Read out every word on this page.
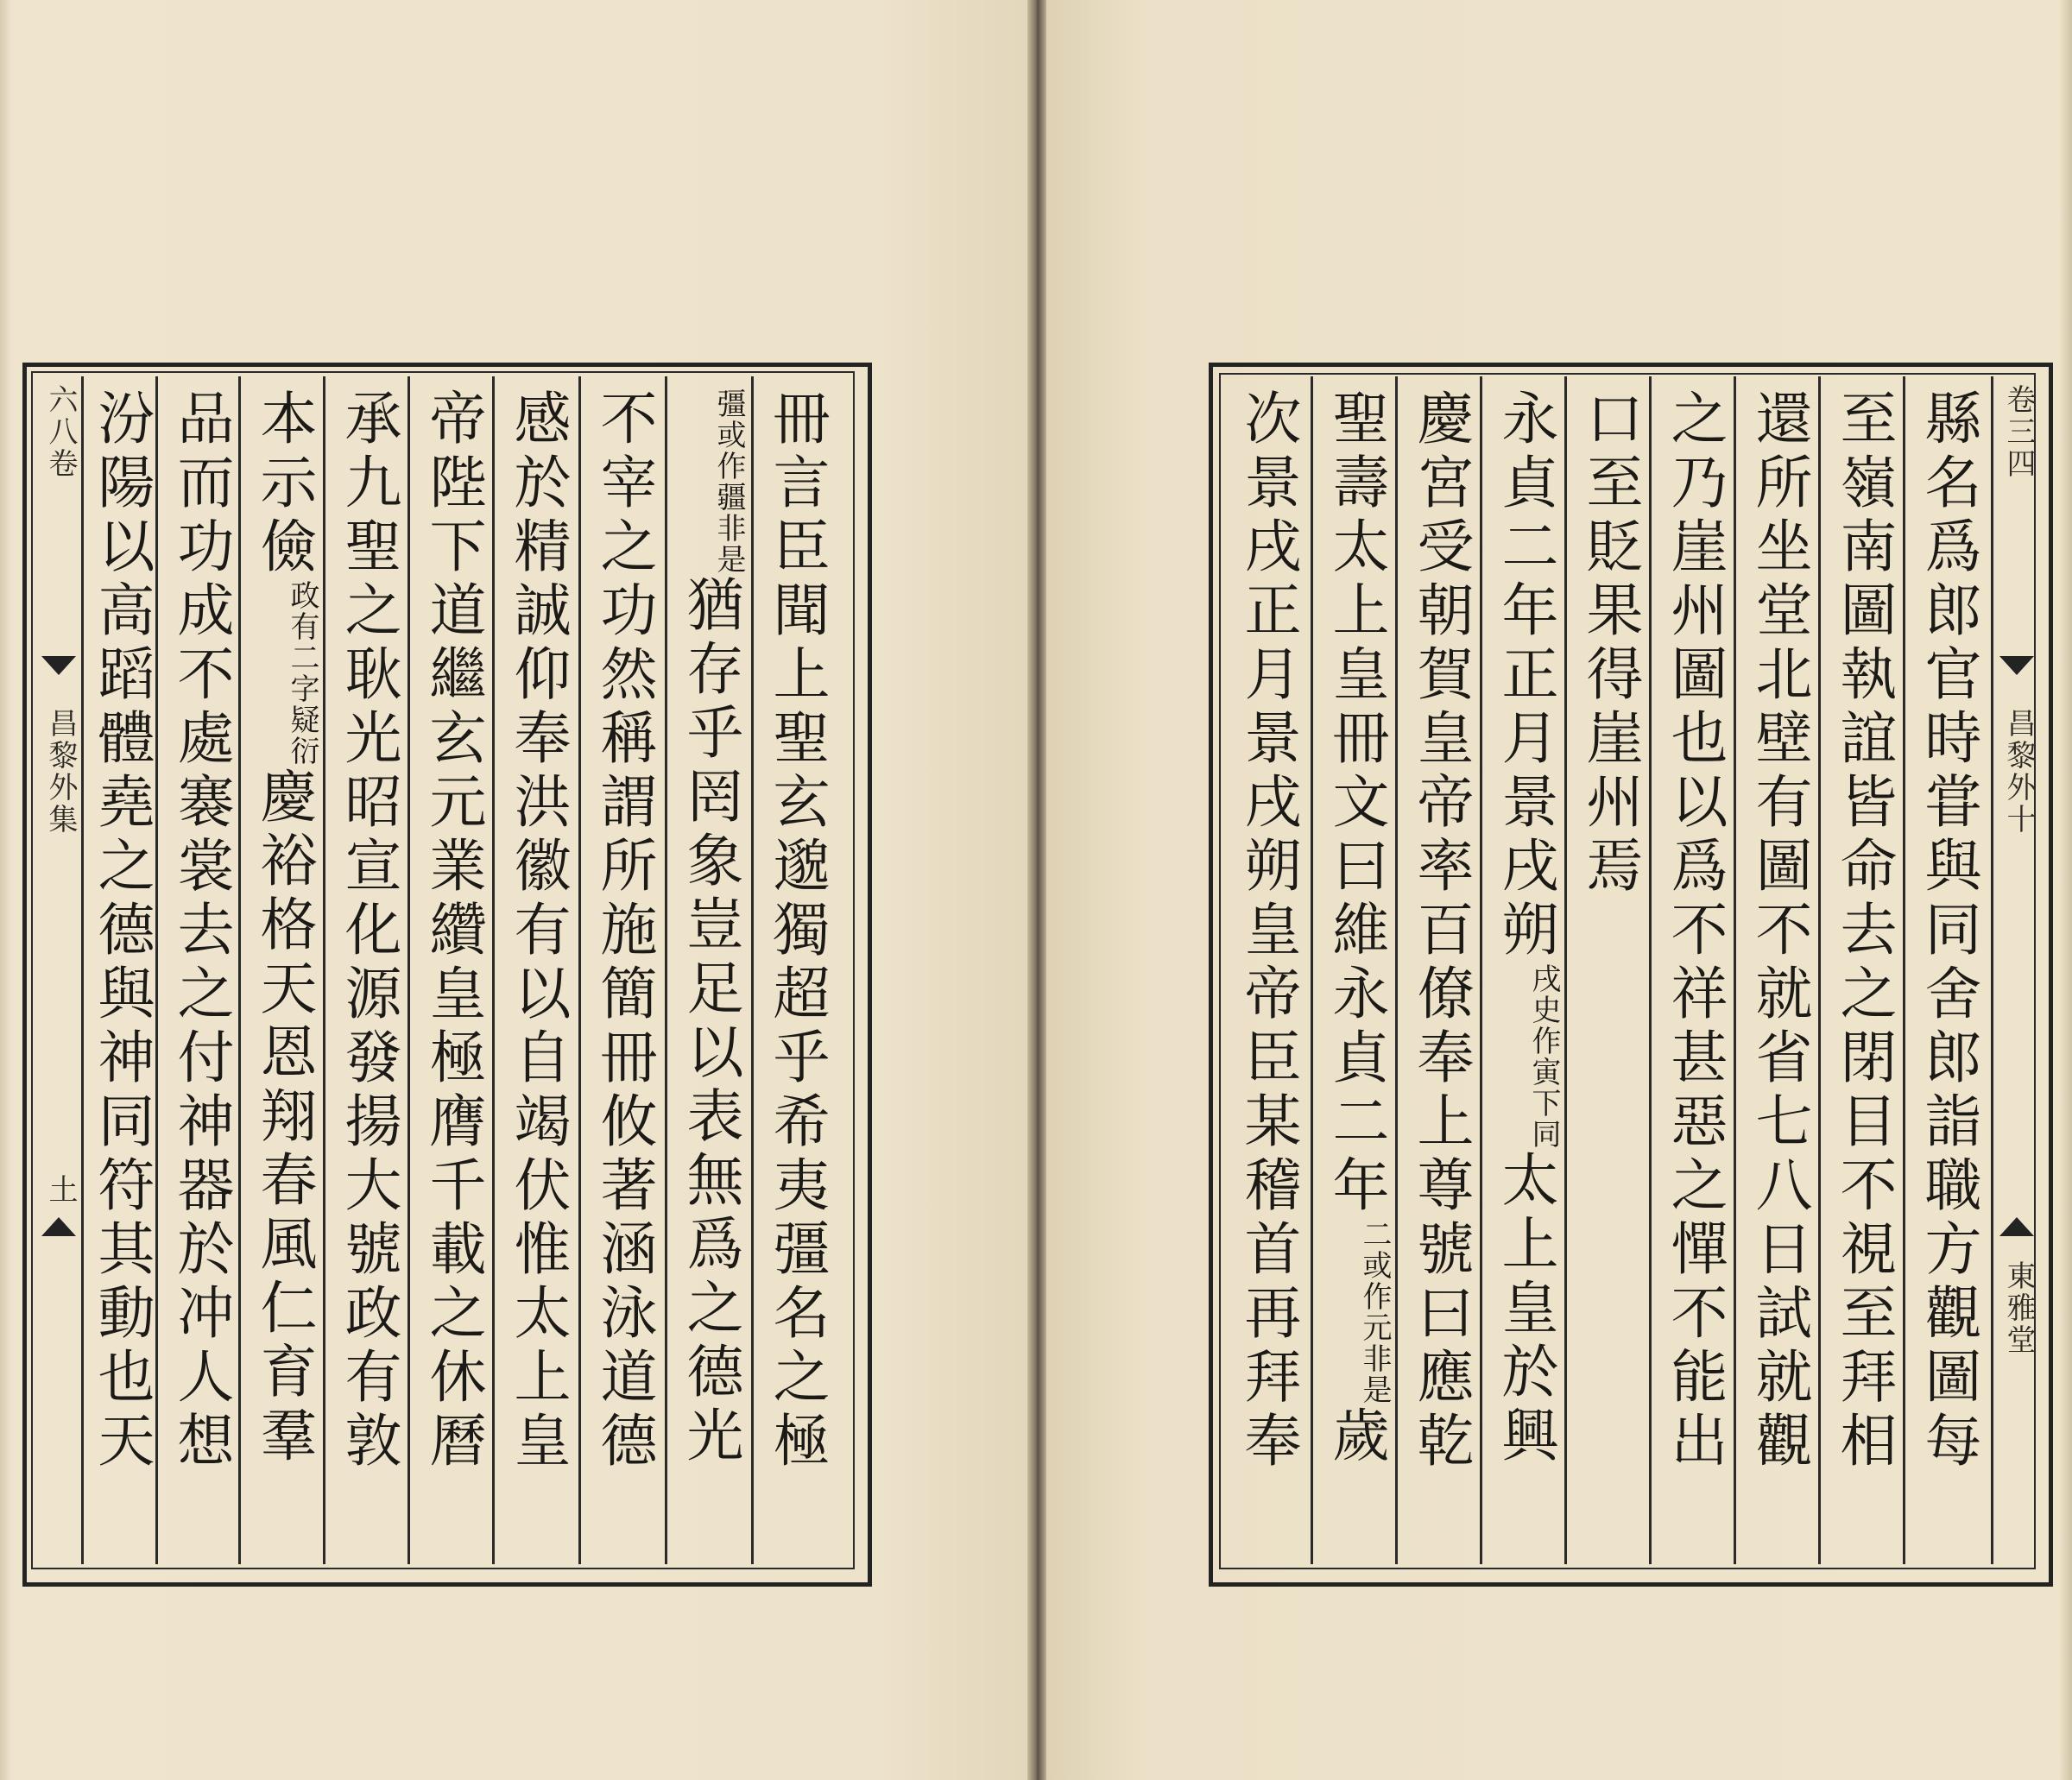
六八卷
昌黎外集
土
卷三四
昌黎外十
東雅堂
冊言臣聞上聖玄邈獨超乎希夷彊名之極
彊或作疆非是猶存乎罔象豈足以表無爲之德光
不宰之功然稱謂所施簡冊攸著涵泳道德
感於精誠仰奉洪徽有以自竭伏惟太上皇
帝陛下道繼玄元業纘皇極膺千載之休曆
承九聖之耿光昭宣化源發揚大號政有敦
本示儉政有二字疑衍慶裕格天恩翔春風仁育羣
品而功成不處褰裳去之付神器於冲人想
汾陽以高蹈體堯之德與神同符其動也天	縣名爲郎官時甞與同舍郎詣職方觀圖每
至嶺南圖執誼皆命去之閉目不視至拜相
還所坐堂北壁有圖不就省七八日試就觀
之乃崖州圖也以爲不祥甚惡之憚不能出
口至貶果得崖州焉
永貞二年正月景戌朔戌史作寅下同太上皇於興
慶宮受朝賀皇帝率百僚奉上尊號曰應乾
聖壽太上皇冊文曰維永貞二年二或作元非是歲
次景戌正月景戌朔皇帝臣某稽首再拜奉
